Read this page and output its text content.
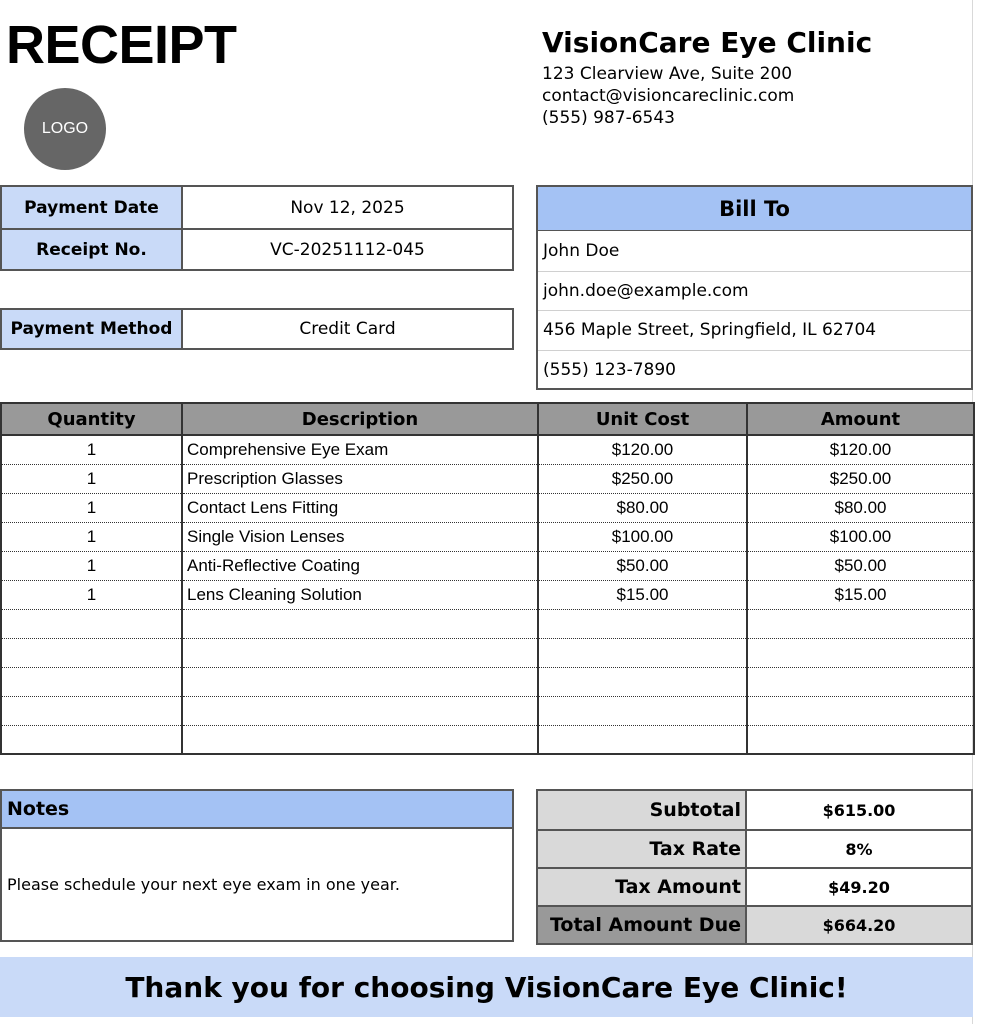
RECEIPT
LOGO
VisionCare Eye Clinic
123 Clearview Ave, Suite 200
contact@visioncareclinic.com
(555) 987-6543
Payment Date	Nov 12, 2025
Receipt No.	VC-20251112-045
Payment Method	Credit Card
Bill To
John Doe
john.doe@example.com
456 Maple Street, Springfield, IL 62704
(555) 123-7890
Quantity	Description	Unit Cost	Amount
1	Comprehensive Eye Exam	$120.00	$120.00
1	Prescription Glasses	$250.00	$250.00
1	Contact Lens Fitting	$80.00	$80.00
1	Single Vision Lenses	$100.00	$100.00
1	Anti-Reflective Coating	$50.00	$50.00
1	Lens Cleaning Solution	$15.00	$15.00

Notes
Please schedule your next eye exam in one year.
Subtotal	$615.00
Tax Rate	8%
Tax Amount	$49.20
Total Amount Due	$664.20
Thank you for choosing VisionCare Eye Clinic!
